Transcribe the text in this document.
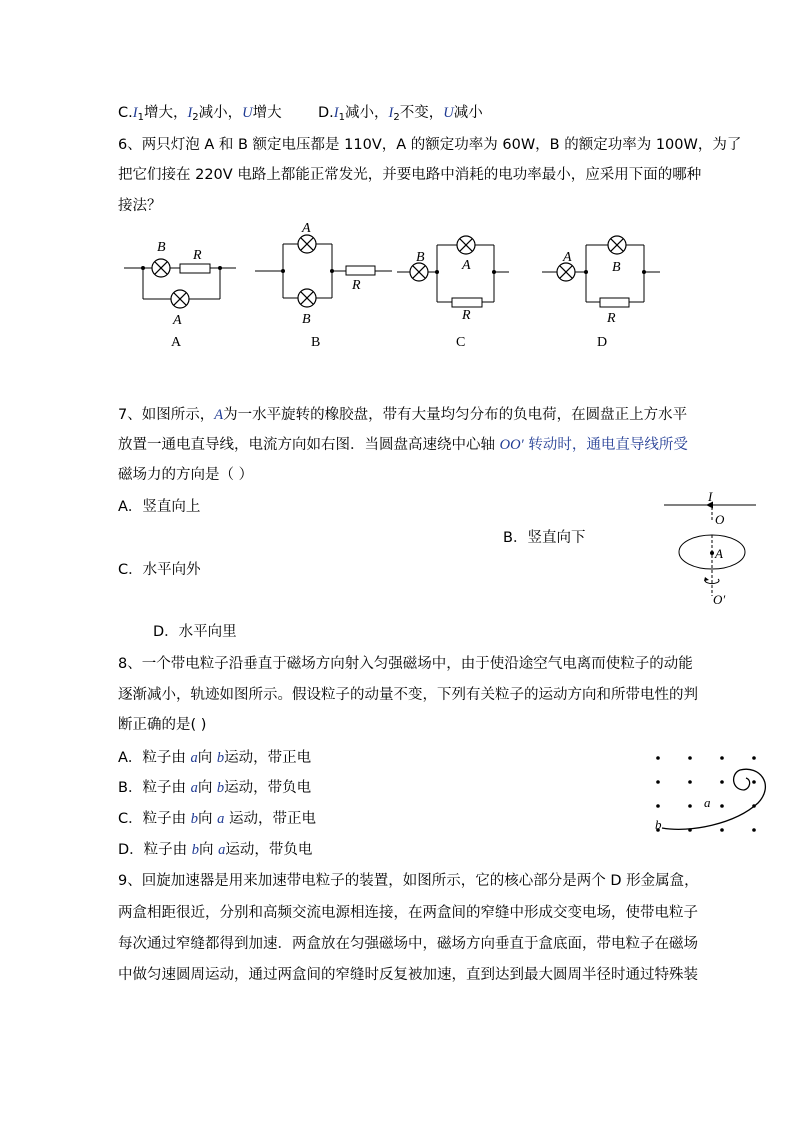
$C.I_1$增大，$I_2$减小，U增大	$D.I_1$减小，$I_2$不变，U减小
6、两只灯泡 A 和 B 额定电压都是 110V，A 的额定功率为 60W，B 的额定功率为 100W，为了
把它们接在 220V 电路上都能正常发光，并要电路中消耗的电功率最小，应采用下面的哪种
接法？
B
R
A
A
A
R
B
B
B
A
R
C
A
B
R
D
7、如图所示，A为一水平旋转的橡胶盘，带有大量均匀分布的负电荷，在圆盘正上方水平
放置一通电直导线，电流方向如右图．当圆盘高速绕中心轴 OO′ 转动时，通电直导线所受
磁场力的方向是（ ）
A．竖直向上
B．竖直向下
C．水平向外
D．水平向里
I
O
A
O′
8、一个带电粒子沿垂直于磁场方向射入匀强磁场中，由于使沿途空气电离而使粒子的动能
逐渐减小，轨迹如图所示。假设粒子的动量不变，下列有关粒子的运动方向和所带电性的判
断正确的是( )
A．粒子由 a向 b运动，带正电
B．粒子由 a向 b运动，带负电
C．粒子由 b向 a 运动，带正电
D．粒子由 b向 a运动，带负电
a
b
9、回旋加速器是用来加速带电粒子的装置，如图所示，它的核心部分是两个 D 形金属盒，
两盒相距很近，分别和高频交流电源相连接，在两盒间的窄缝中形成交变电场，使带电粒子
每次通过窄缝都得到加速．两盒放在匀强磁场中，磁场方向垂直于盒底面，带电粒子在磁场
中做匀速圆周运动，通过两盒间的窄缝时反复被加速，直到达到最大圆周半径时通过特殊装
